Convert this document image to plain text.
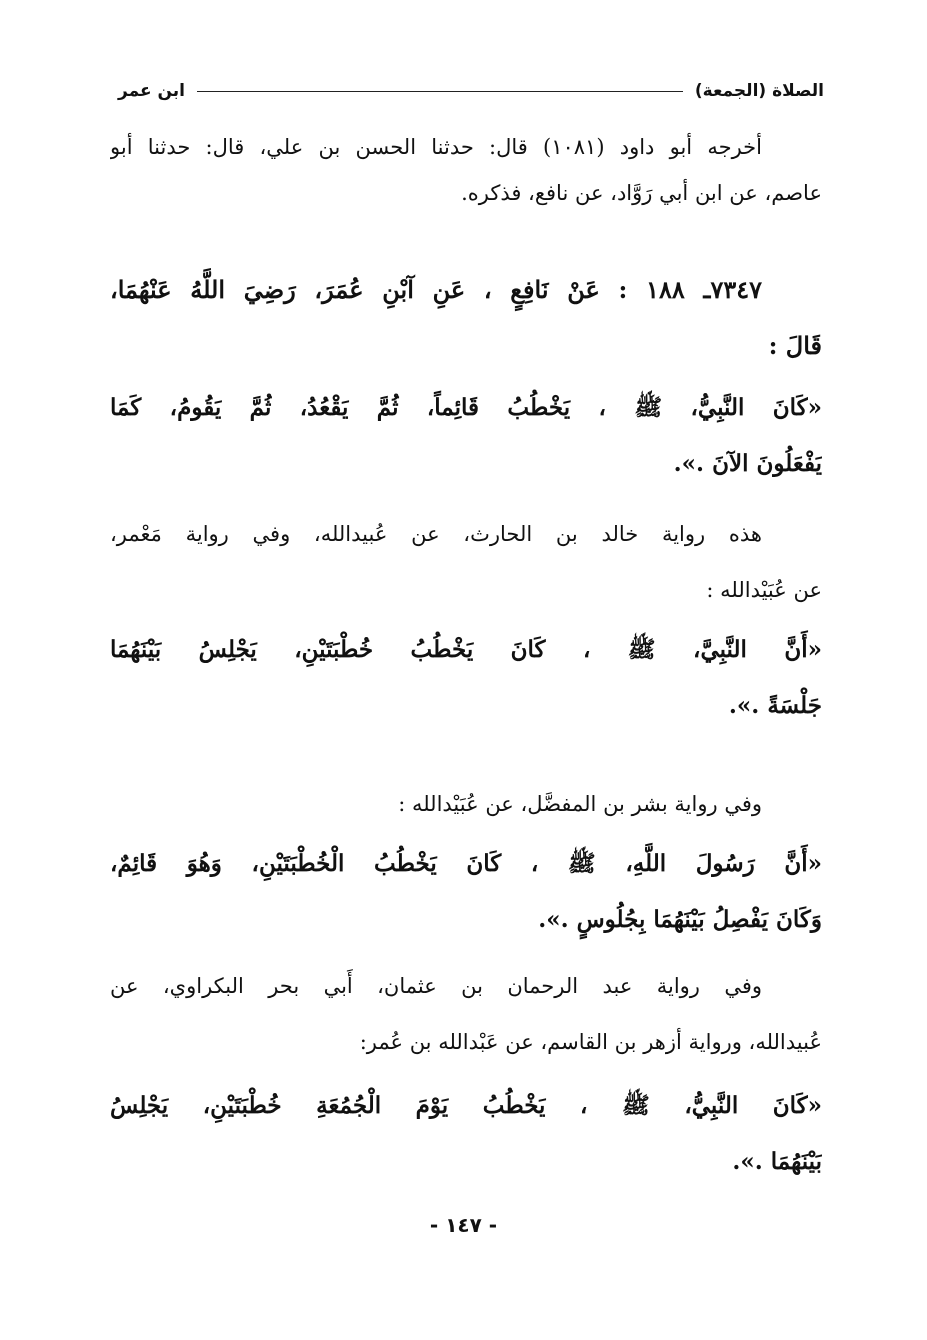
الصلاة (الجمعة)
ابن عمر
أخرجه أبو داود (١٠٨١) قال: حدثنا الحسن بن علي، قال: حدثنا أبو
عاصم، عن ابن أبي رَوَّاد، عن نافع، فذكره.
٧٣٤٧ـ ١٨٨ : عَنْ نَافِعٍ ، عَنِ آبْنِ عُمَرَ، رَضِيَ اللَّهُ عَنْهُمَا،
قَالَ :
«كَانَ النَّبِيُّ، ﷺ ، يَخْطُبُ قَائِماً، ثُمَّ يَقْعُدُ، ثُمَّ يَقُومُ، كَمَا
يَفْعَلُونَ الآنَ .».
هذه رواية خالد بن الحارث، عن عُبيدالله، وفي رواية مَعْمر،
عن عُبَيْدالله :
«أَنَّ النَّبِيَّ، ﷺ ، كَانَ يَخْطُبُ خُطْبَتَيْنِ، يَجْلِسُ بَيْنَهُمَا
جَلْسَةً .».
وفي رواية بشر بن المفضَّل، عن عُبَيْدالله :
«أَنَّ رَسُولَ اللَّهِ، ﷺ ، كَانَ يَخْطُبُ الْخُطْبَتَيْنِ، وَهُوَ قَائِمٌ،
وَكَانَ يَفْصِلُ بَيْنَهُمَا بِجُلُوسٍ .».
وفي رواية عبد الرحمان بن عثمان، أَبي بحر البكراوي، عن
عُبيدالله، ورواية أزهر بن القاسم، عن عَبْدالله بن عُمر:
«كَانَ النَّبِيُّ، ﷺ ، يَخْطُبُ يَوْمَ الْجُمُعَةِ خُطْبَتَيْنِ، يَجْلِسُ
بَيْنَهُمَا .».
- ١٤٧ -
